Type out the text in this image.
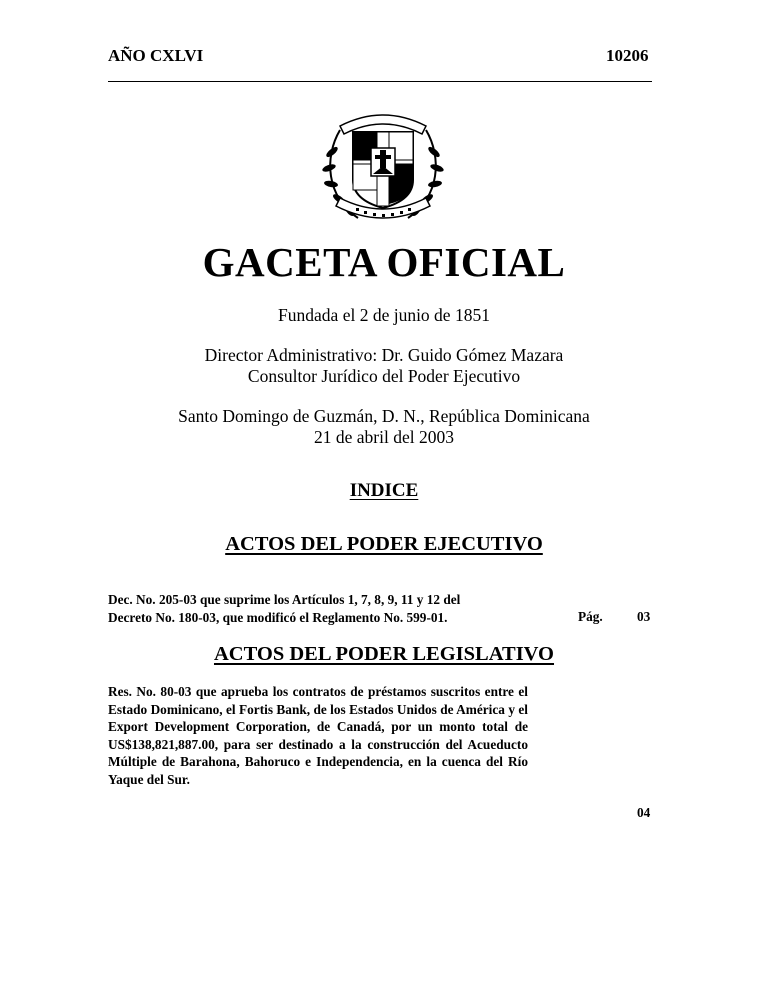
AÑO CXLVI	10206
GACETA OFICIAL
Fundada el 2 de junio de 1851
Director Administrativo: Dr. Guido Gómez Mazara
Consultor Jurídico del Poder Ejecutivo
Santo Domingo de Guzmán, D. N., República Dominicana
21 de abril del 2003
INDICE
ACTOS DEL PODER EJECUTIVO
Dec. No. 205-03 que suprime los Artículos 1, 7, 8, 9, 11 y 12 del
Decreto No. 180-03, que modificó el Reglamento No. 599-01.	Pág.	03
ACTOS DEL PODER LEGISLATIVO
Res. No. 80-03 que aprueba los contratos de préstamos suscritos entre el Estado Dominicano, el Fortis Bank, de los Estados Unidos de América y el Export Development Corporation, de Canadá, por un monto total de US$138,821,887.00, para ser destinado a la construcción del Acueducto Múltiple de Barahona, Bahoruco e Independencia, en la cuenca del Río Yaque del Sur.
04
